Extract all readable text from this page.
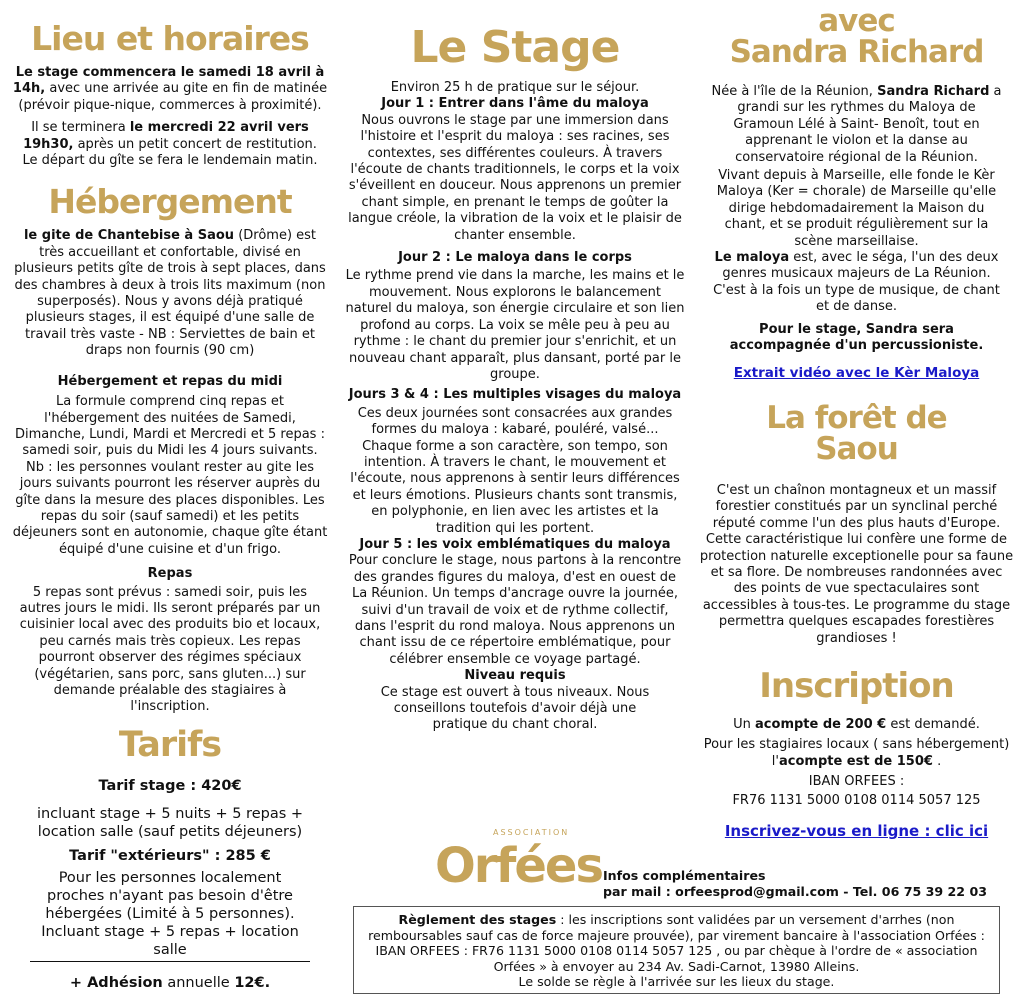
Lieu et horaires

Le stage commencera le samedi 18 avril à 14h, avec une arrivée au gite en fin de matinée (prévoir pique-nique, commerces à proximité).

Il se terminera le mercredi 22 avril vers 19h30, après un petit concert de restitution.

Le départ du gîte se fera le lendemain matin.

Hébergement

le gite de Chantebise à Saou (Drôme) est très accueillant et confortable, divisé en plusieurs petits gîte de trois à sept places, dans des chambres à deux à trois lits maximum (non superposés). Nous y avons déjà pratiqué plusieurs stages, il est équipé d'une salle de travail très vaste - NB : Serviettes de bain et draps non fournis (90 cm)

Hébergement et repas du midi

La formule comprend cinq repas et l'hébergement des nuitées de Samedi, Dimanche, Lundi, Mardi et Mercredi et 5 repas : samedi soir, puis du Midi les 4 jours suivants. Nb : les personnes voulant rester au gite les jours suivants pourront les réserver auprès du gîte dans la mesure des places disponibles. Les repas du soir (sauf samedi) et les petits déjeuners sont en autonomie, chaque gîte étant équipé d'une cuisine et d'un frigo.

Repas

5 repas sont prévus : samedi soir, puis les autres jours le midi. Ils seront préparés par un cuisinier local avec des produits bio et locaux, peu carnés mais très copieux. Les repas pourront observer des régimes spéciaux (végétarien, sans porc, sans gluten...) sur demande préalable des stagiaires à l'inscription.

Tarifs

Tarif stage : 420€

incluant stage + 5 nuits + 5 repas + location salle (sauf petits déjeuners)

Tarif "extérieurs" : 285 €

Pour les personnes localement proches n'ayant pas besoin d'être hébergées (Limité à 5 personnes). Incluant stage + 5 repas + location salle

+ Adhésion annuelle 12€.

Le Stage

Environ 25 h de pratique sur le séjour.

Jour 1 : Entrer dans l'âme du maloya

Nous ouvrons le stage par une immersion dans l'histoire et l'esprit du maloya : ses racines, ses contextes, ses différentes couleurs. À travers l'écoute de chants traditionnels, le corps et la voix s'éveillent en douceur. Nous apprenons un premier chant simple, en prenant le temps de goûter la langue créole, la vibration de la voix et le plaisir de chanter ensemble.

Jour 2 : Le maloya dans le corps

Le rythme prend vie dans la marche, les mains et le mouvement. Nous explorons le balancement naturel du maloya, son énergie circulaire et son lien profond au corps. La voix se mêle peu à peu au rythme : le chant du premier jour s'enrichit, et un nouveau chant apparaît, plus dansant, porté par le groupe.

Jours 3 & 4 : Les multiples visages du maloya

Ces deux journées sont consacrées aux grandes formes du maloya : kabaré, pouléré, valsé... Chaque forme a son caractère, son tempo, son intention. À travers le chant, le mouvement et l'écoute, nous apprenons à sentir leurs différences et leurs émotions. Plusieurs chants sont transmis, en polyphonie, en lien avec les artistes et la tradition qui les portent.

Jour 5 : les voix emblématiques du maloya

Pour conclure le stage, nous partons à la rencontre des grandes figures du maloya, d'est en ouest de La Réunion. Un temps d'ancrage ouvre la journée, suivi d'un travail de voix et de rythme collectif, dans l'esprit du rond maloya. Nous apprenons un chant issu de ce répertoire emblématique, pour célébrer ensemble ce voyage partagé.

Niveau requis

Ce stage est ouvert à tous niveaux. Nous conseillons toutefois d'avoir déjà une pratique du chant choral.

avec
Sandra Richard

Née à l'île de la Réunion, Sandra Richard a grandi sur les rythmes du Maloya de Gramoun Lélé à Saint- Benoît, tout en apprenant le violon et la danse au conservatoire régional de la Réunion.

Vivant depuis à Marseille, elle fonde le Kèr Maloya (Ker = chorale) de Marseille qu'elle dirige hebdomadairement la Maison du chant, et se produit régulièrement sur la scène marseillaise.

Le maloya est, avec le séga, l'un des deux genres musicaux majeurs de La Réunion. C'est à la fois un type de musique, de chant et de danse.

Pour le stage, Sandra sera accompagnée d'un percussioniste.

Extrait vidéo avec le Kèr Maloya

La forêt de
Saou

C'est un chaînon montagneux et un massif forestier constitués par un synclinal perché réputé comme l'un des plus hauts d'Europe. Cette caractéristique lui confère une forme de protection naturelle exceptionelle pour sa faune et sa flore. De nombreuses randonnées avec des points de vue spectaculaires sont accessibles à tous-tes. Le programme du stage permettra quelques escapades forestières grandioses !

Inscription

Un acompte de 200 € est demandé.

Pour les stagiaires locaux ( sans hébergement) l'acompte est de 150€ .

IBAN ORFEES :

FR76 1131 5000 0108 0114 5057 125

Inscrivez-vous en ligne : clic ici

ASSOCIATION
Orfées Infos complémentaires
par mail : orfeesprod@gmail.com - Tel. 06 75 39 22 03
Règlement des stages : les inscriptions sont validées par un versement d'arrhes (non remboursables sauf cas de force majeure prouvée), par virement bancaire à l'association Orfées : IBAN ORFEES : FR76 1131 5000 0108 0114 5057 125 , ou par chèque à l'ordre de « association Orfées » à envoyer au 234 Av. Sadi-Carnot, 13980 Alleins.
Le solde se règle à l'arrivée sur les lieux du stage.
